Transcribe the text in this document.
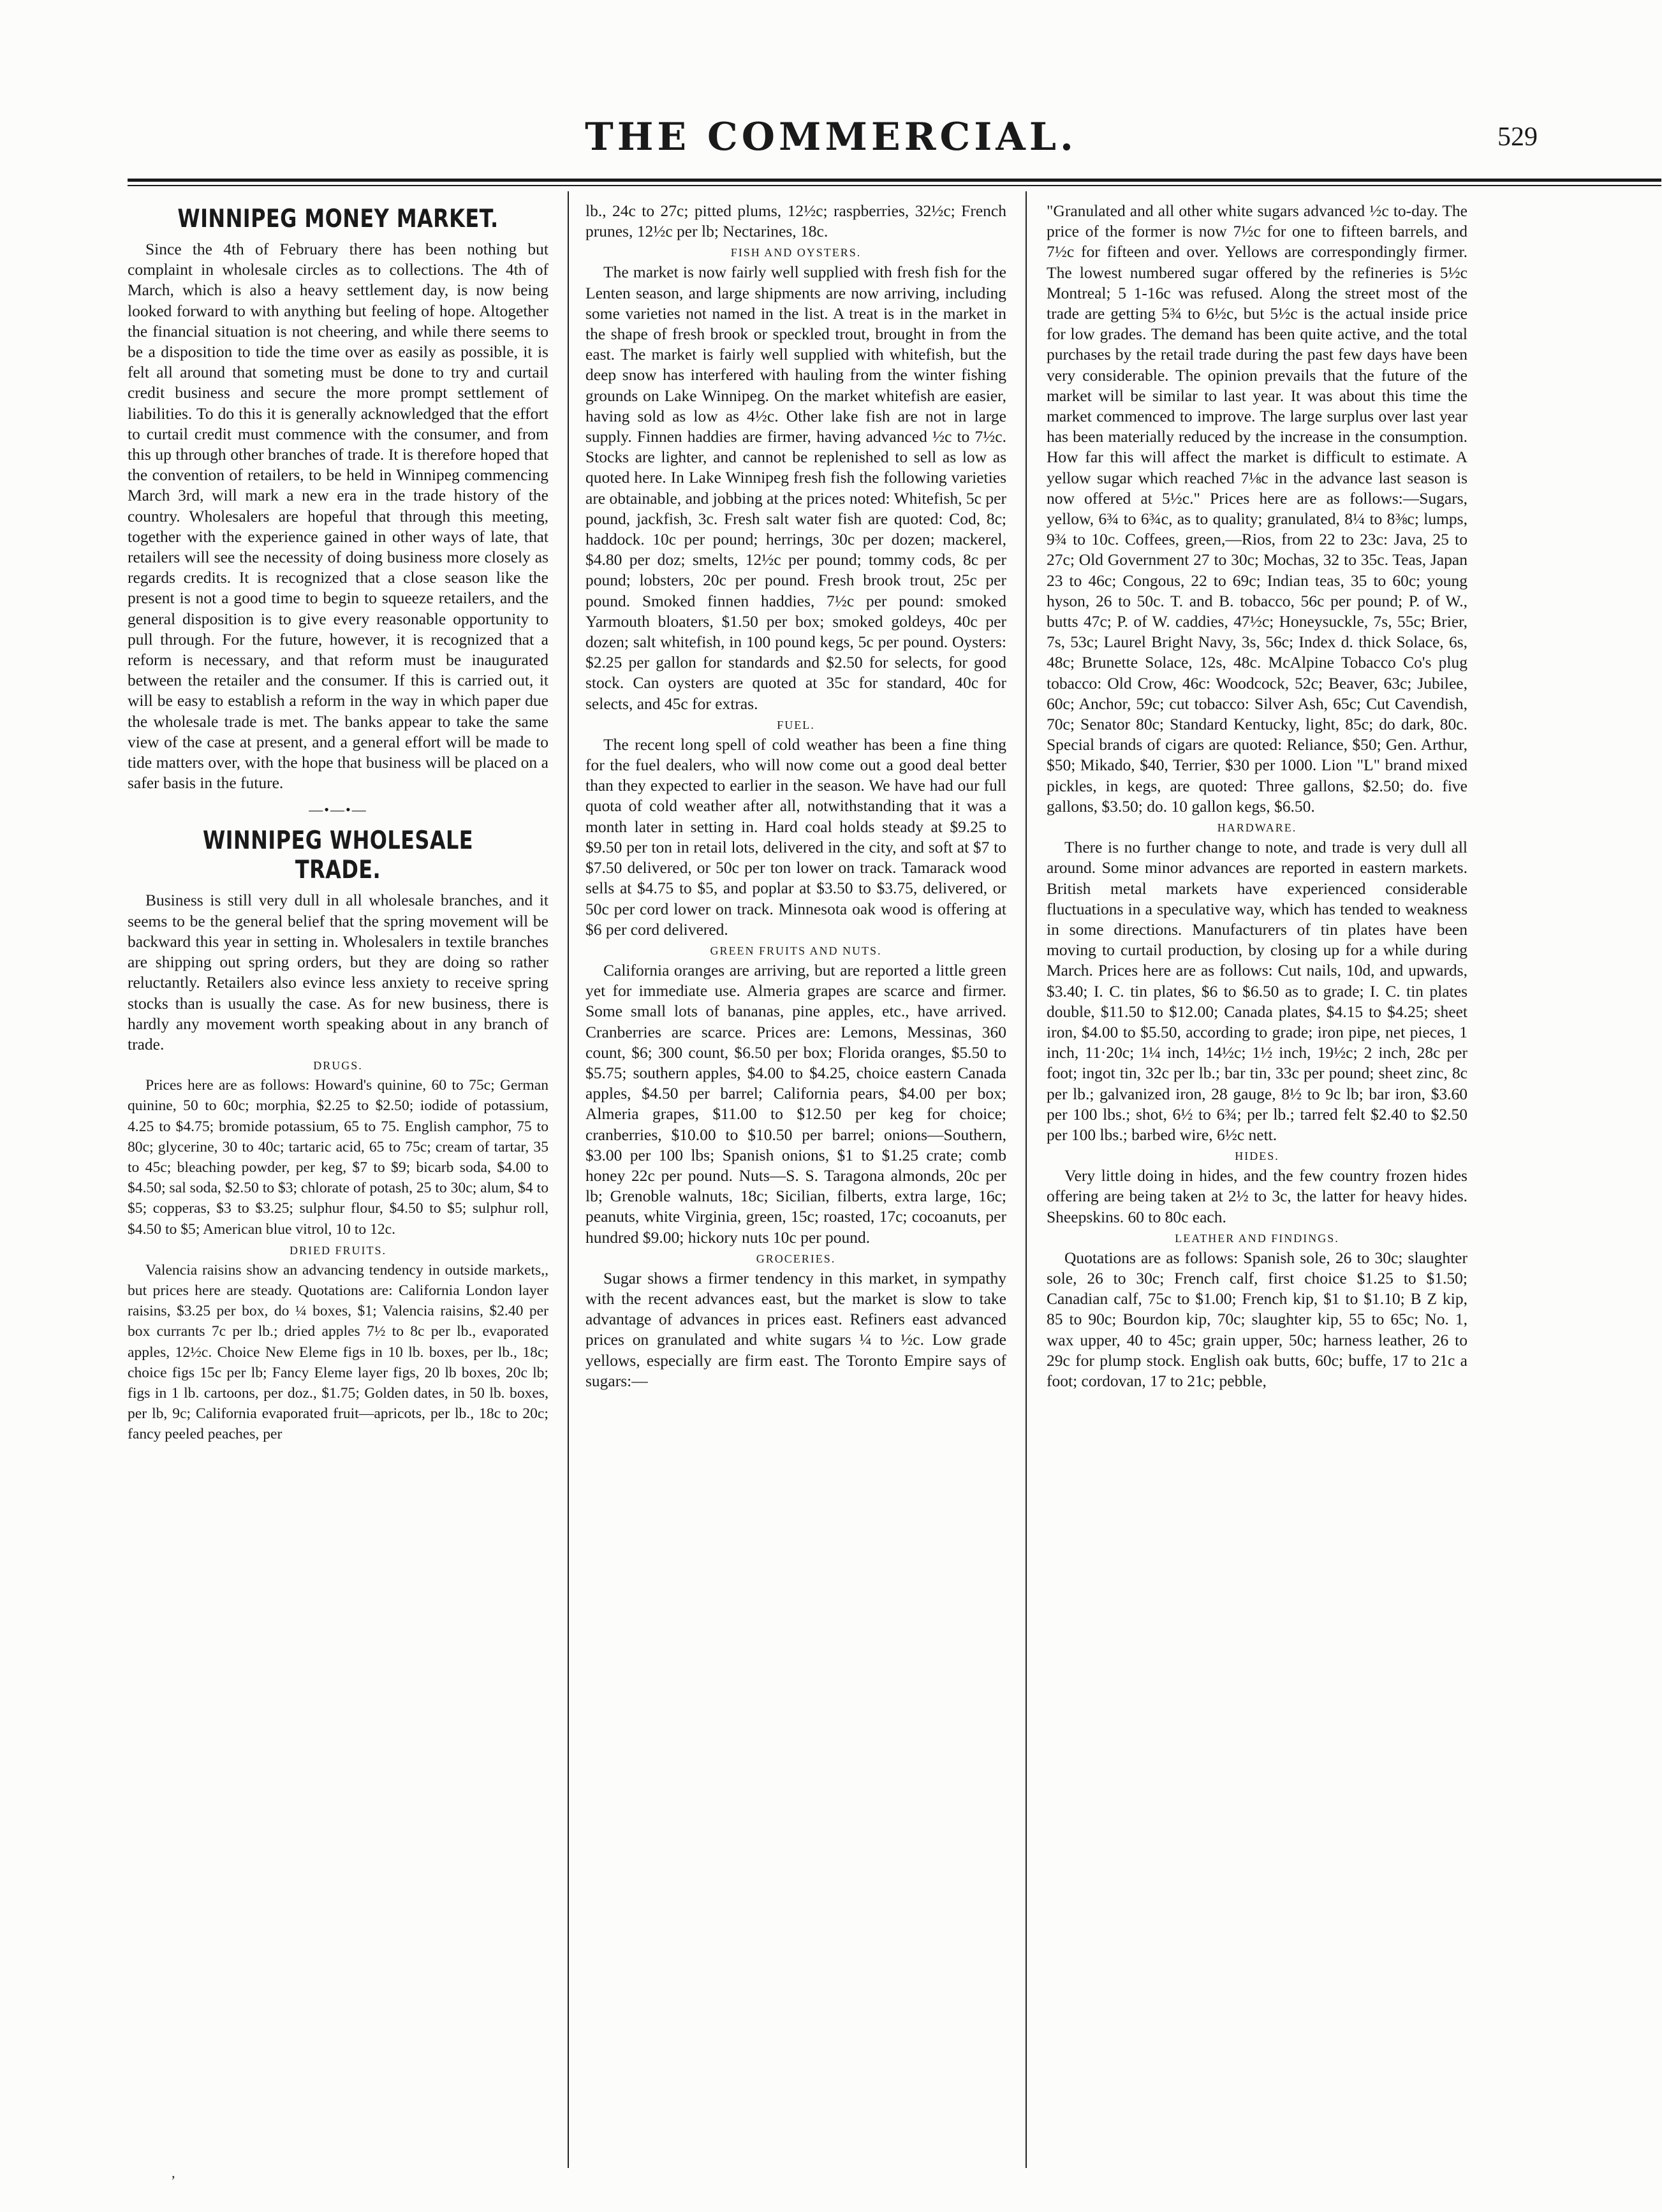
THE COMMERCIAL.	529
WINNIPEG MONEY MARKET.

Since the 4th of February there has been nothing but complaint in wholesale circles as to collections. The 4th of March, which is also a heavy settlement day, is now being looked forward to with anything but feeling of hope. Altogether the financial situation is not cheering, and while there seems to be a disposition to tide the time over as easily as possible, it is felt all around that someting must be done to try and curtail credit business and secure the more prompt settlement of liabilities. To do this it is generally acknowledged that the effort to curtail credit must commence with the consumer, and from this up through other branches of trade. It is therefore hoped that the convention of retailers, to be held in Winnipeg commencing March 3rd, will mark a new era in the trade history of the country. Wholesalers are hopeful that through this meeting, together with the experience gained in other ways of late, that retailers will see the necessity of doing business more closely as regards credits. It is recognized that a close season like the present is not a good time to begin to squeeze retailers, and the general disposition is to give every reasonable opportunity to pull through. For the future, however, it is recognized that a reform is necessary, and that reform must be inaugurated between the retailer and the consumer. If this is carried out, it will be easy to establish a reform in the way in which paper due the wholesale trade is met. The banks appear to take the same view of the case at present, and a general effort will be made to tide matters over, with the hope that business will be placed on a safer basis in the future.

—•—•—
WINNIPEG WHOLESALE TRADE.

Business is still very dull in all wholesale branches, and it seems to be the general belief that the spring movement will be backward this year in setting in. Wholesalers in textile branches are shipping out spring orders, but they are doing so rather reluctantly. Retailers also evince less anxiety to receive spring stocks than is usually the case. As for new business, there is hardly any movement worth speaking about in any branch of trade.

DRUGS.

Prices here are as follows: Howard's quinine, 60 to 75c; German quinine, 50 to 60c; morphia, $2.25 to $2.50; iodide of potassium, 4.25 to $4.75; bromide potassium, 65 to 75. English camphor, 75 to 80c; glycerine, 30 to 40c; tartaric acid, 65 to 75c; cream of tartar, 35 to 45c; bleaching powder, per keg, $7 to $9; bicarb soda, $4.00 to $4.50; sal soda, $2.50 to $3; chlorate of potash, 25 to 30c; alum, $4 to $5; copperas, $3 to $3.25; sulphur flour, $4.50 to $5; sulphur roll, $4.50 to $5; American blue vitrol, 10 to 12c.

DRIED FRUITS.

Valencia raisins show an advancing tendency in outside markets,, but prices here are steady. Quotations are: California London layer raisins, $3.25 per box, do ¼ boxes, $1; Valencia raisins, $2.40 per box currants 7c per lb.; dried apples 7½ to 8c per lb., evaporated apples, 12½c. Choice New Eleme figs in 10 lb. boxes, per lb., 18c; choice figs 15c per lb; Fancy Eleme layer figs, 20 lb boxes, 20c lb; figs in 1 lb. cartoons, per doz., $1.75; Golden dates, in 50 lb. boxes, per lb, 9c; California evaporated fruit—apricots, per lb., 18c to 20c; fancy peeled peaches, per

lb., 24c to 27c; pitted plums, 12½c; raspberries, 32½c; French prunes, 12½c per lb; Nectarines, 18c.

FISH AND OYSTERS.

The market is now fairly well supplied with fresh fish for the Lenten season, and large shipments are now arriving, including some varieties not named in the list. A treat is in the market in the shape of fresh brook or speckled trout, brought in from the east. The market is fairly well supplied with whitefish, but the deep snow has interfered with hauling from the winter fishing grounds on Lake Winnipeg. On the market whitefish are easier, having sold as low as 4½c. Other lake fish are not in large supply. Finnen haddies are firmer, having advanced ½c to 7½c. Stocks are lighter, and cannot be replenished to sell as low as quoted here. In Lake Winnipeg fresh fish the following varieties are obtainable, and jobbing at the prices noted: Whitefish, 5c per pound, jackfish, 3c. Fresh salt water fish are quoted: Cod, 8c; haddock. 10c per pound; herrings, 30c per dozen; mackerel, $4.80 per doz; smelts, 12½c per pound; tommy cods, 8c per pound; lobsters, 20c per pound. Fresh brook trout, 25c per pound. Smoked finnen haddies, 7½c per pound: smoked Yarmouth bloaters, $1.50 per box; smoked goldeys, 40c per dozen; salt whitefish, in 100 pound kegs, 5c per pound. Oysters: $2.25 per gallon for standards and $2.50 for selects, for good stock. Can oysters are quoted at 35c for standard, 40c for selects, and 45c for extras.

FUEL.

The recent long spell of cold weather has been a fine thing for the fuel dealers, who will now come out a good deal better than they expected to earlier in the season. We have had our full quota of cold weather after all, notwithstanding that it was a month later in setting in. Hard coal holds steady at $9.25 to $9.50 per ton in retail lots, delivered in the city, and soft at $7 to $7.50 delivered, or 50c per ton lower on track. Tamarack wood sells at $4.75 to $5, and poplar at $3.50 to $3.75, delivered, or 50c per cord lower on track. Minnesota oak wood is offering at $6 per cord delivered.

GREEN FRUITS AND NUTS.

California oranges are arriving, but are reported a little green yet for immediate use. Almeria grapes are scarce and firmer. Some small lots of bananas, pine apples, etc., have arrived. Cranberries are scarce. Prices are: Lemons, Messinas, 360 count, $6; 300 count, $6.50 per box; Florida oranges, $5.50 to $5.75; southern apples, $4.00 to $4.25, choice eastern Canada apples, $4.50 per barrel; California pears, $4.00 per box; Almeria grapes, $11.00 to $12.50 per keg for choice; cranberries, $10.00 to $10.50 per barrel; onions—Southern, $3.00 per 100 lbs; Spanish onions, $1 to $1.25 crate; comb honey 22c per pound. Nuts—S. S. Taragona almonds, 20c per lb; Grenoble walnuts, 18c; Sicilian, filberts, extra large, 16c; peanuts, white Virginia, green, 15c; roasted, 17c; cocoanuts, per hundred $9.00; hickory nuts 10c per pound.

GROCERIES.

Sugar shows a firmer tendency in this market, in sympathy with the recent advances east, but the market is slow to take advantage of advances in prices east. Refiners east advanced prices on granulated and white sugars ¼ to ½c. Low grade yellows, especially are firm east. The Toronto Empire says of sugars:—

"Granulated and all other white sugars advanced ½c to-day. The price of the former is now 7½c for one to fifteen barrels, and 7½c for fifteen and over. Yellows are correspondingly firmer. The lowest numbered sugar offered by the refineries is 5½c Montreal; 5 1-16c was refused. Along the street most of the trade are getting 5¾ to 6½c, but 5½c is the actual inside price for low grades. The demand has been quite active, and the total purchases by the retail trade during the past few days have been very considerable. The opinion prevails that the future of the market will be similar to last year. It was about this time the market commenced to improve. The large surplus over last year has been materially reduced by the increase in the consumption. How far this will affect the market is difficult to estimate. A yellow sugar which reached 7⅛c in the advance last season is now offered at 5½c." Prices here are as follows:—Sugars, yellow, 6¾ to 6¾c, as to quality; granulated, 8¼ to 8⅜c; lumps, 9¾ to 10c. Coffees, green,—Rios, from 22 to 23c: Java, 25 to 27c; Old Government 27 to 30c; Mochas, 32 to 35c. Teas, Japan 23 to 46c; Congous, 22 to 69c; Indian teas, 35 to 60c; young hyson, 26 to 50c. T. and B. tobacco, 56c per pound; P. of W., butts 47c; P. of W. caddies, 47½c; Honeysuckle, 7s, 55c; Brier, 7s, 53c; Laurel Bright Navy, 3s, 56c; Index d. thick Solace, 6s, 48c; Brunette Solace, 12s, 48c. McAlpine Tobacco Co's plug tobacco: Old Crow, 46c: Woodcock, 52c; Beaver, 63c; Jubilee, 60c; Anchor, 59c; cut tobacco: Silver Ash, 65c; Cut Cavendish, 70c; Senator 80c; Standard Kentucky, light, 85c; do dark, 80c. Special brands of cigars are quoted: Reliance, $50; Gen. Arthur, $50; Mikado, $40, Terrier, $30 per 1000. Lion "L" brand mixed pickles, in kegs, are quoted: Three gallons, $2.50; do. five gallons, $3.50; do. 10 gallon kegs, $6.50.

HARDWARE.

There is no further change to note, and trade is very dull all around. Some minor advances are reported in eastern markets. British metal markets have experienced considerable fluctuations in a speculative way, which has tended to weakness in some directions. Manufacturers of tin plates have been moving to curtail production, by closing up for a while during March. Prices here are as follows: Cut nails, 10d, and upwards, $3.40; I. C. tin plates, $6 to $6.50 as to grade; I. C. tin plates double, $11.50 to $12.00; Canada plates, $4.15 to $4.25; sheet iron, $4.00 to $5.50, according to grade; iron pipe, net pieces, 1 inch, 11·20c; 1¼ inch, 14½c; 1½ inch, 19½c; 2 inch, 28c per foot; ingot tin, 32c per lb.; bar tin, 33c per pound; sheet zinc, 8c per lb.; galvanized iron, 28 gauge, 8½ to 9c lb; bar iron, $3.60 per 100 lbs.; shot, 6½ to 6¾; per lb.; tarred felt $2.40 to $2.50 per 100 lbs.; barbed wire, 6½c nett.

HIDES.

Very little doing in hides, and the few country frozen hides offering are being taken at 2½ to 3c, the latter for heavy hides. Sheepskins. 60 to 80c each.

LEATHER AND FINDINGS.

Quotations are as follows: Spanish sole, 26 to 30c; slaughter sole, 26 to 30c; French calf, first choice $1.25 to $1.50; Canadian calf, 75c to $1.00; French kip, $1 to $1.10; B Z kip, 85 to 90c; Bourdon kip, 70c; slaughter kip, 55 to 65c; No. 1, wax upper, 40 to 45c; grain upper, 50c; harness leather, 26 to 29c for plump stock. English oak butts, 60c; buffe, 17 to 21c a foot; cordovan, 17 to 21c; pebble,

‚
